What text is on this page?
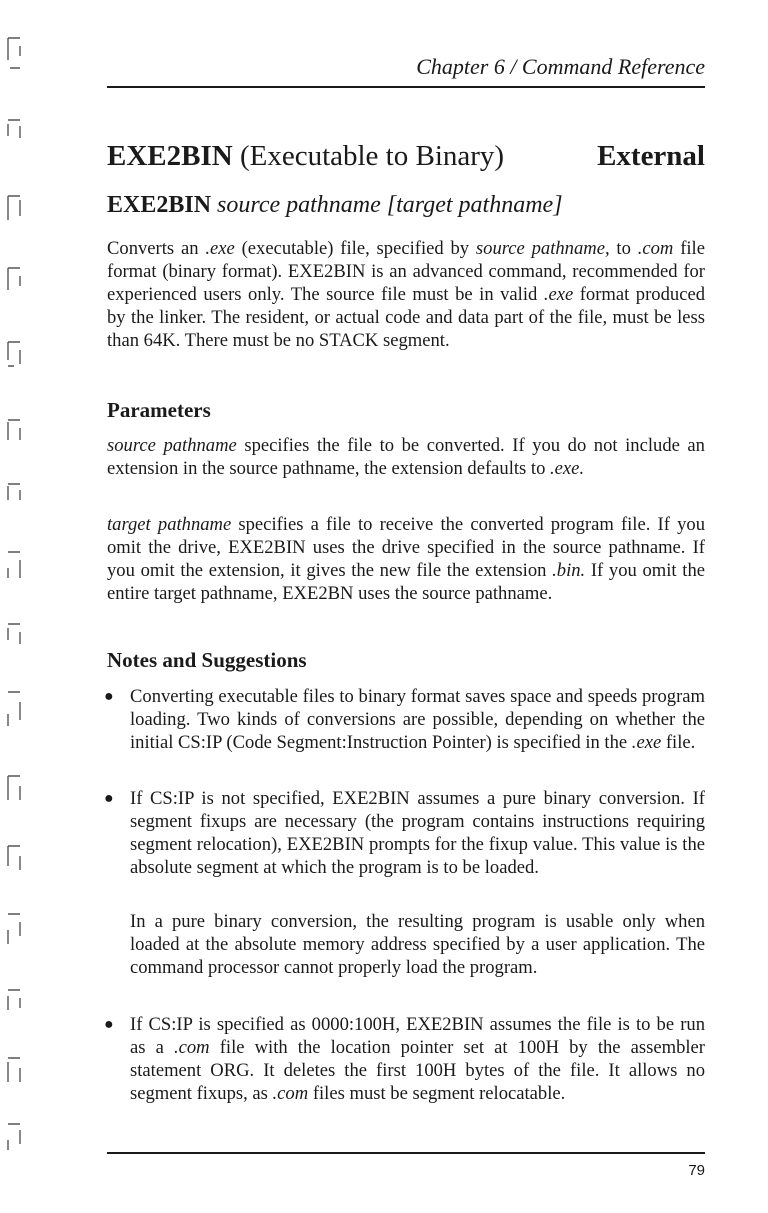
Chapter 6 / Command Reference
EXE2BIN (Executable to Binary)	External
EXE2BIN source pathname [target pathname]

Converts an .exe (executable) file, specified by source pathname, to .com file format (binary format). EXE2BIN is an advanced command, recommended for experienced users only. The source file must be in valid .exe format produced by the linker. The resident, or actual code and data part of the file, must be less than 64K. There must be no STACK segment.

Parameters

source pathname specifies the file to be converted. If you do not include an extension in the source pathname, the extension defaults to .exe.

target pathname specifies a file to receive the converted program file. If you omit the drive, EXE2BIN uses the drive specified in the source pathname. If you omit the extension, it gives the new file the extension .bin. If you omit the entire target pathname, EXE2BN uses the source pathname.

Notes and Suggestions
● Converting executable files to binary format saves space and speeds program loading. Two kinds of conversions are possible, depending on whether the initial CS:IP (Code Segment:Instruction Pointer) is specified in the .exe file.

● If CS:IP is not specified, EXE2BIN assumes a pure binary conversion. If segment fixups are necessary (the program contains instructions requiring segment relocation), EXE2BIN prompts for the fixup value. This value is the absolute segment at which the program is to be loaded.

In a pure binary conversion, the resulting program is usable only when loaded at the absolute memory address specified by a user application. The command processor cannot properly load the program.

● If CS:IP is specified as 0000:100H, EXE2BIN assumes the file is to be run as a .com file with the location pointer set at 100H by the assembler statement ORG. It deletes the first 100H bytes of the file. It allows no segment fixups, as .com files must be segment relocatable.

79
